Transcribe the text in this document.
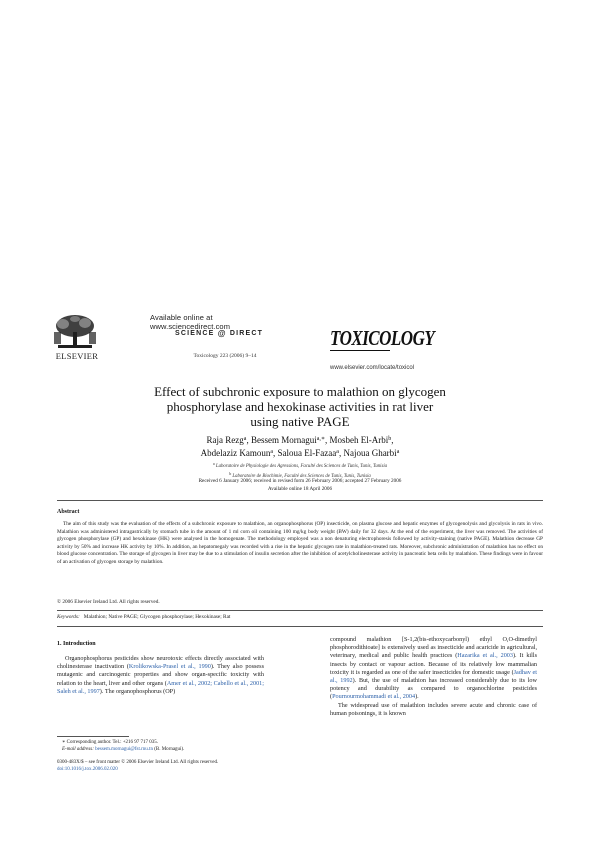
ELSEVIER
Available online at www.sciencedirect.com
SCIENCE @ DIRECT
Toxicology 223 (2006) 9–14
TOXICOLOGY
www.elsevier.com/locate/toxicol
Effect of subchronic exposure to malathion on glycogen
phosphorylase and hexokinase activities in rat liver
using native PAGE
Raja Rezg$^a$, Bessem Mornagui$^{a,∗}$, Mosbeh El-Arbi$^b$,
Abdelaziz Kamoun$^a$, Saloua El-Fazaa$^a$, Najoua Gharbi$^a$
$^a$ Laboratoire de Physiologie des Agressions, Faculté des Sciences de Tunis, Tunis, Tunisia
$^b$ Laboratoire de Biochimie, Faculté des Sciences de Tunis, Tunis, Tunisia
Received 6 January 2006; received in revised form 26 February 2006; accepted 27 February 2006
Available online 18 April 2006
Abstract
The aim of this study was the evaluation of the effects of a subchronic exposure to malathion, an organophosphorus (OP) insecticide, on plasma glucose and hepatic enzymes of glycogenolysis and glycolysis in rats in vivo. Malathion was administered intragastrically by stomach tube in the amount of 1 ml corn oil containing 100 mg/kg body weight (BW) daily for 32 days. At the end of the experiment, the liver was removed. The activities of glycogen phosphorylase (GP) and hexokinase (HK) were analysed in the homogenate. The methodology employed was a non denaturing electrophoresis followed by activity-staining (native PAGE). Malathion decrease GP activity by 50% and increase HK activity by 10%. In addition, an hepatomegaly was recorded with a rise in the hepatic glycogen rate in malathion-treated rats. Moreover, subchronic administration of malathion has no effect on blood glucose concentration. The storage of glycogen in liver may be due to a stimulation of insulin secretion after the inhibition of acetylcholinesterase activity in pancreatic beta cells by malathion. These findings were in favour of an activation of glycogen storage by malathion.
© 2006 Elsevier Ireland Ltd. All rights reserved.
Keywords: Malathion; Native PAGE; Glycogen phosphorylase; Hexokinase; Rat
1. Introduction
Organophosphorus pesticides show neurotoxic effects directly associated with cholinesterase inactivation (Krolikowska-Prasel et al., 1990). They also possess mutagenic and carcinogenic properties and show organ-specific toxicity with relation to the heart, liver and other organs (Amer et al., 2002; Cabello et al., 2001; Saleh et al., 1997). The organophosphorus (OP)
compound malathion [S-1,2(bis-ethoxycarbonyl) ethyl O,O-dimethyl phosphorodithioate] is extensively used as insecticide and acaricide in agricultural, veterinary, medical and public health practices (Hazarika et al., 2003). It kills insects by contact or vapour action. Because of its relatively low mammalian toxicity it is regarded as one of the safer insecticides for domestic usage (Jadhav et al., 1992). But, the use of malathion has increased considerably due to its low potency and durability as compared to organochlorine pesticides (Pournourmohammadi et al., 2004).
The widespread use of malathion includes severe acute and chronic case of human poisonings, it is known
∗ Corresponding author. Tel.: +216 97 717 035.
E-mail address: bessem.mornagui@fst.rnu.tn (B. Mornagui).
0300-483X/$ – see front matter © 2006 Elsevier Ireland Ltd. All rights reserved.
doi:10.1016/j.tox.2006.02.020
